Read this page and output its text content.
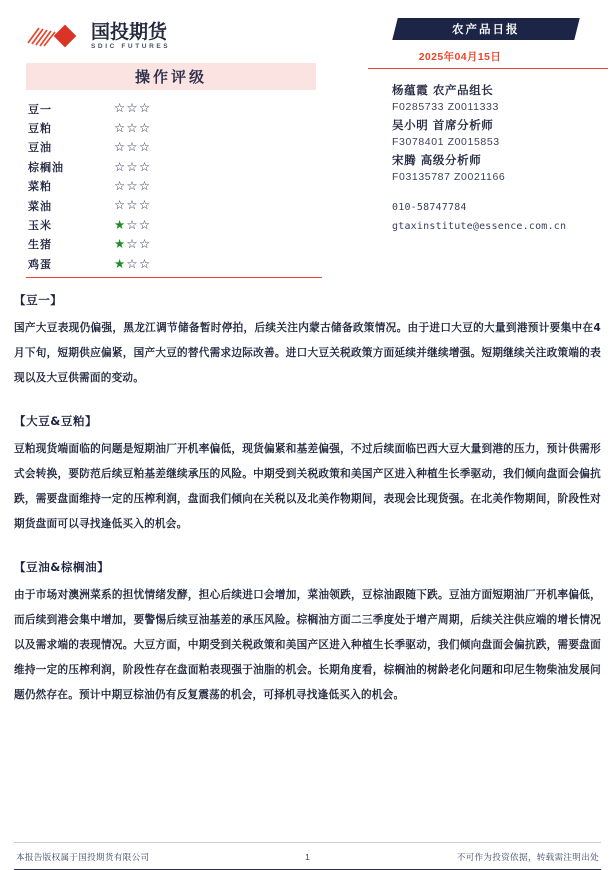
国投期货
SDIC FUTURES
操作评级
豆一	☆☆☆
豆粕	☆☆☆
豆油	☆☆☆
棕榈油	☆☆☆
菜粕	☆☆☆
菜油	☆☆☆
玉米	★☆☆
生猪	★☆☆
鸡蛋	★☆☆
农产品日报
2025年04月15日
杨蕴霞 农产品组长
F0285733 Z0011333
吴小明 首席分析师
F3078401 Z0015853
宋腾 高级分析师
F03135787 Z0021166
010-58747784
gtaxinstitute@essence.com.cn
【豆一】

国产大豆表现仍偏强，黑龙江调节储备暂时停拍，后续关注内蒙古储备政策情况。由于进口大豆的大量到港预计要集中在4月下旬，短期供应偏紧，国产大豆的替代需求边际改善。进口大豆关税政策方面延续并继续增强。短期继续关注政策端的表现以及大豆供需面的变动。

【大豆&豆粕】

豆粕现货端面临的问题是短期油厂开机率偏低，现货偏紧和基差偏强，不过后续面临巴西大豆大量到港的压力，预计供需形式会转换，要防范后续豆粕基差继续承压的风险。中期受到关税政策和美国产区进入种植生长季驱动，我们倾向盘面会偏抗跌，需要盘面维持一定的压榨利润，盘面我们倾向在关税以及北美作物期间，表现会比现货强。在北美作物期间，阶段性对期货盘面可以寻找逢低买入的机会。

【豆油&棕榈油】

由于市场对澳洲菜系的担忧情绪发酵，担心后续进口会增加，菜油领跌，豆棕油跟随下跌。豆油方面短期油厂开机率偏低，而后续到港会集中增加，要警惕后续豆油基差的承压风险。棕榈油方面二三季度处于增产周期，后续关注供应端的增长情况以及需求端的表现情况。大豆方面，中期受到关税政策和美国产区进入种植生长季驱动，我们倾向盘面会偏抗跌，需要盘面维持一定的压榨利润，阶段性存在盘面粕表现强于油脂的机会。长期角度看，棕榈油的树龄老化问题和印尼生物柴油发展问题仍然存在。预计中期豆棕油仍有反复震荡的机会，可择机寻找逢低买入的机会。

本报告版权属于国投期货有限公司	1	不可作为投资依据，转载需注明出处
